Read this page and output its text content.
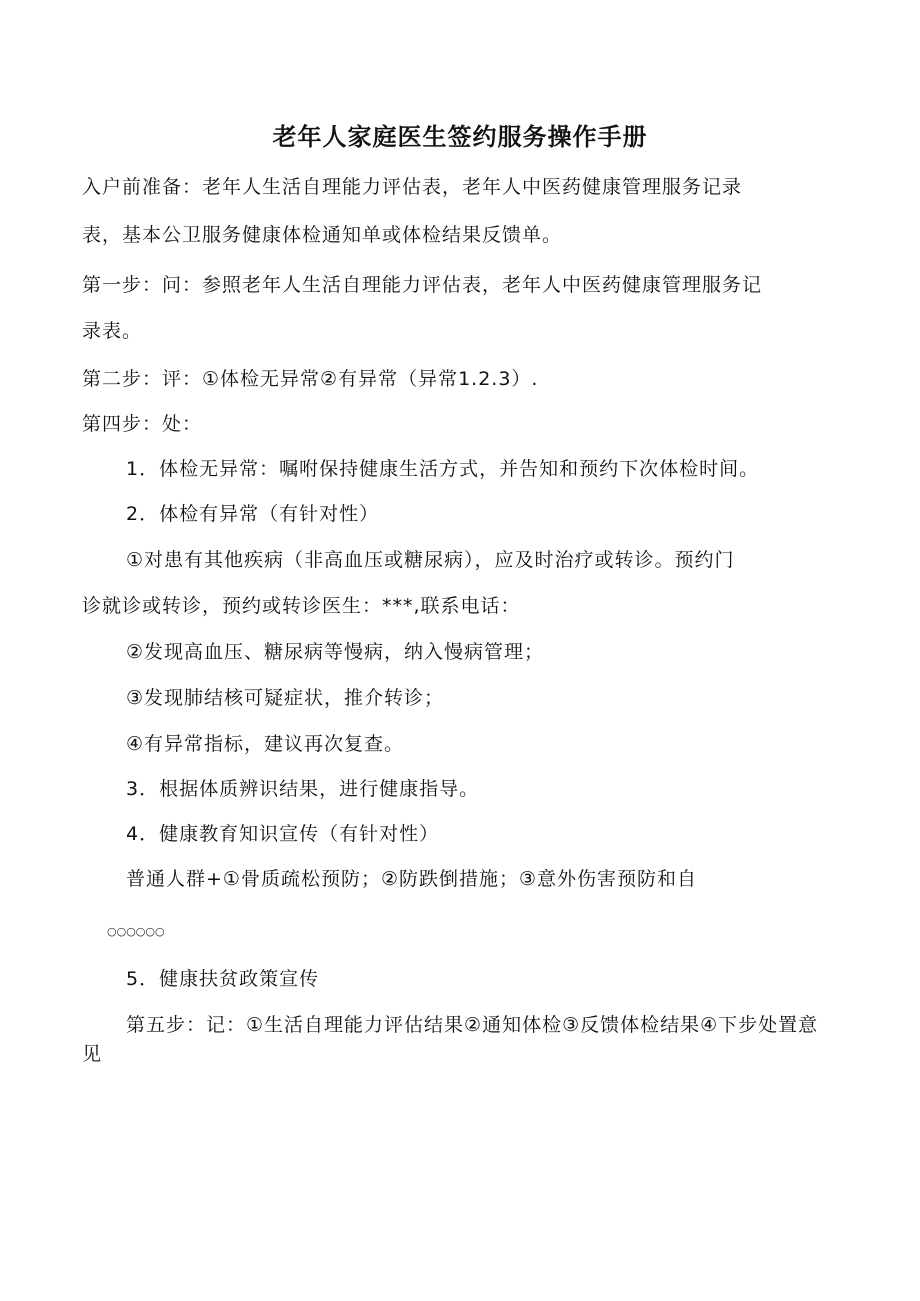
老年人家庭医生签约服务操作手册
入户前准备：老年人生活自理能力评估表，老年人中医药健康管理服务记录
表，基本公卫服务健康体检通知单或体检结果反馈单。
第一步：问：参照老年人生活自理能力评估表，老年人中医药健康管理服务记
录表。
第二步：评：①体检无异常②有异常（异常1.2.3）.
第四步：处：
1．体检无异常：嘱咐保持健康生活方式，并告知和预约下次体检时间。
2．体检有异常（有针对性）
①对患有其他疾病（非高血压或糖尿病），应及时治疗或转诊。预约门
诊就诊或转诊，预约或转诊医生：***,联系电话：
②发现高血压、糖尿病等慢病，纳入慢病管理；
③发现肺结核可疑症状，推介转诊；
④有异常指标，建议再次复查。
3．根据体质辨识结果，进行健康指导。
4．健康教育知识宣传（有针对性）
普通人群+①骨质疏松预防；②防跌倒措施；③意外伤害预防和自
○○○○○○
5．健康扶贫政策宣传
第五步：记：①生活自理能力评估结果②通知体检③反馈体检结果④下步处置意
见
